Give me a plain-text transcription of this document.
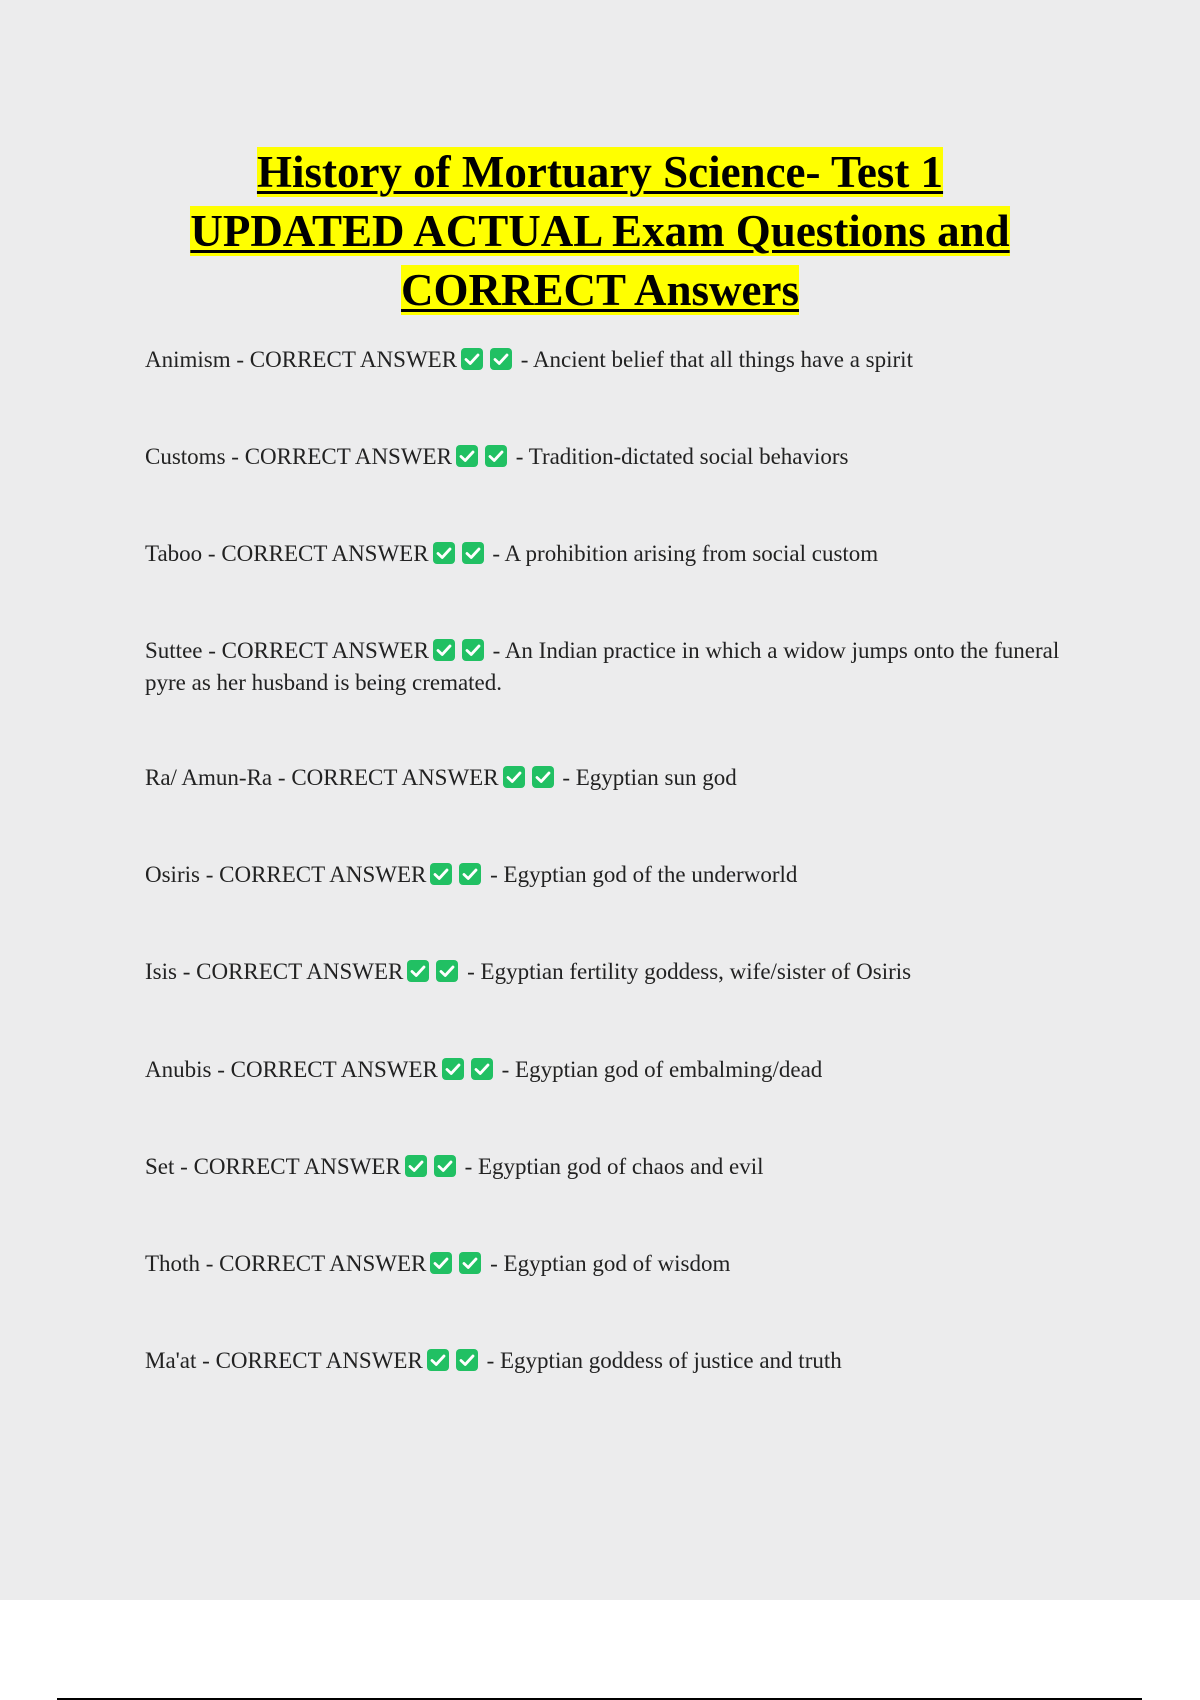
History of Mortuary Science- Test 1
UPDATED ACTUAL Exam Questions and
CORRECT Answers

Animism - CORRECT ANSWER	- Ancient belief that all things have a spirit

Customs - CORRECT ANSWER	- Tradition-dictated social behaviors

Taboo - CORRECT ANSWER	- A prohibition arising from social custom

Suttee - CORRECT ANSWER	- An Indian practice in which a widow jumps onto the funeral pyre as her husband is being cremated.

Ra/ Amun-Ra - CORRECT ANSWER	- Egyptian sun god

Osiris - CORRECT ANSWER	- Egyptian god of the underworld

Isis - CORRECT ANSWER	- Egyptian fertility goddess, wife/sister of Osiris

Anubis - CORRECT ANSWER	- Egyptian god of embalming/dead

Set - CORRECT ANSWER	- Egyptian god of chaos and evil

Thoth - CORRECT ANSWER	- Egyptian god of wisdom

Ma'at - CORRECT ANSWER	- Egyptian goddess of justice and truth
